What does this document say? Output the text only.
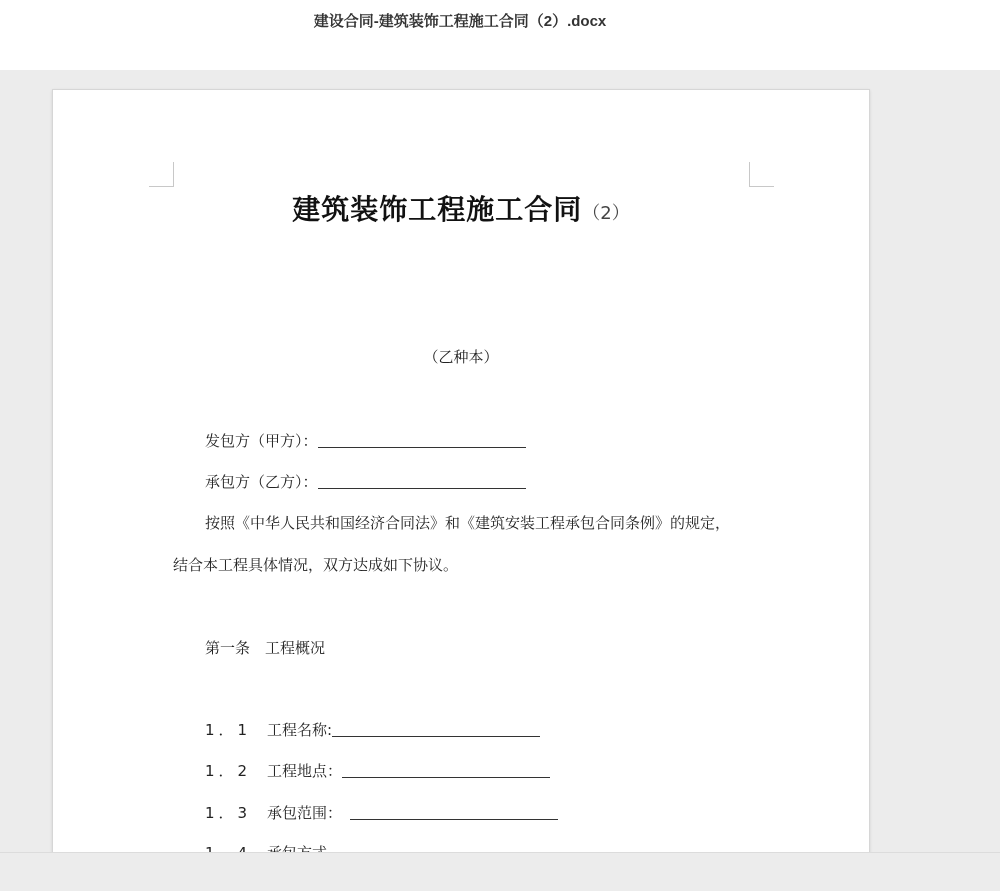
建设合同-建筑装饰工程施工合同（2）.docx
建筑装饰工程施工合同（2）
（乙种本）
发包方（甲方）：
承包方（乙方）：
按照《中华人民共和国经济合同法》和《建筑安装工程承包合同条例》的规定，
结合本工程具体情况，双方达成如下协议。
第一条　工程概况
1．1 工程名称:
1．2 工程地点：
1．3 承包范围：
